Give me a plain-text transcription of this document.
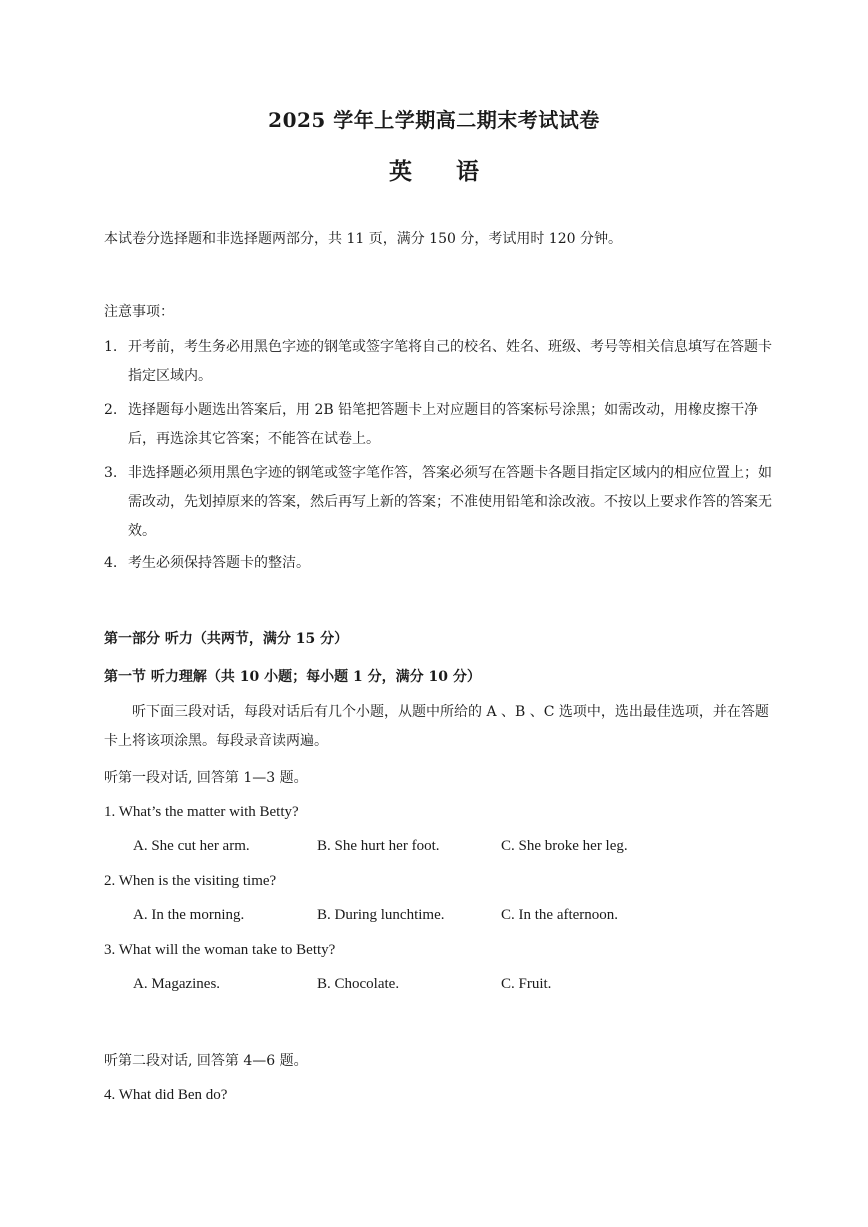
2025 学年上学期高二期末考试试卷
英 语
本试卷分选择题和非选择题两部分，共 11 页，满分 150 分，考试用时 120 分钟。
注意事项：
1. 开考前，考生务必用黑色字迹的钢笔或签字笔将自己的校名、姓名、班级、考号等相关信息填写在答题卡指定区域内。
2. 选择题每小题选出答案后，用 2B 铅笔把答题卡上对应题目的答案标号涂黑；如需改动，用橡皮擦干净后，再选涂其它答案；不能答在试卷上。
3. 非选择题必须用黑色字迹的钢笔或签字笔作答，答案必须写在答题卡各题目指定区域内的相应位置上；如需改动，先划掉原来的答案，然后再写上新的答案；不准使用铅笔和涂改液。不按以上要求作答的答案无效。
4. 考生必须保持答题卡的整洁。
第一部分 听力（共两节，满分 15 分）
第一节 听力理解（共 10 小题；每小题 1 分，满分 10 分）
听下面三段对话，每段对话后有几个小题，从题中所给的 A 、B 、C 选项中，选出最佳选项，并在答题卡上将该项涂黑。每段录音读两遍。
听第一段对话, 回答第 1—3 题。
1. What’s the matter with Betty?
A. She cut her arm.	B. She hurt her foot.	C. She broke her leg.
2. When is the visiting time?
A. In the morning.	B. During lunchtime.	C. In the afternoon.
3. What will the woman take to Betty?
A. Magazines.	B. Chocolate.	C. Fruit.
听第二段对话, 回答第 4—6 题。
4. What did Ben do?
